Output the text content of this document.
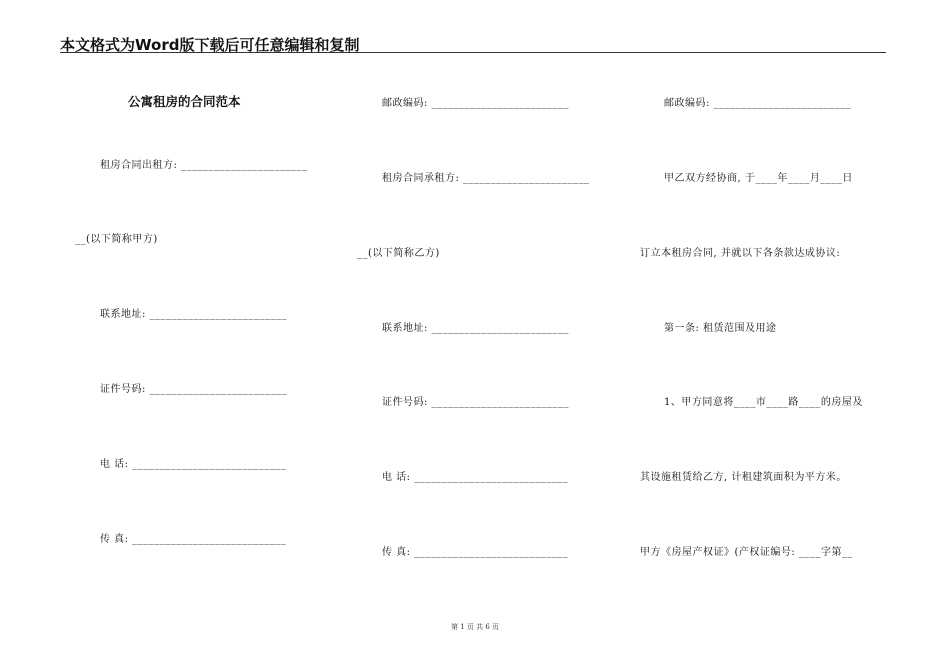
本文格式为Word版下载后可任意编辑和复制
公寓租房的合同范本
租房合同出租方: _______________________
__(以下简称甲方)
联系地址: _________________________
证件号码: _________________________
电 话: ____________________________
传 真: ____________________________
邮政编码: _________________________
租房合同承租方: _______________________
__(以下简称乙方)
联系地址: _________________________
证件号码: _________________________
电 话: ____________________________
传 真: ____________________________
邮政编码: _________________________
甲乙双方经协商, 于____年____月____日
订立本租房合同, 并就以下各条款达成协议:
第一条: 租赁范围及用途
1、甲方同意将____市____路____的房屋及
其设施租赁给乙方, 计租建筑面积为平方米。
甲方《房屋产权证》(产权证编号: ____字第__
第 1 页 共 6 页
